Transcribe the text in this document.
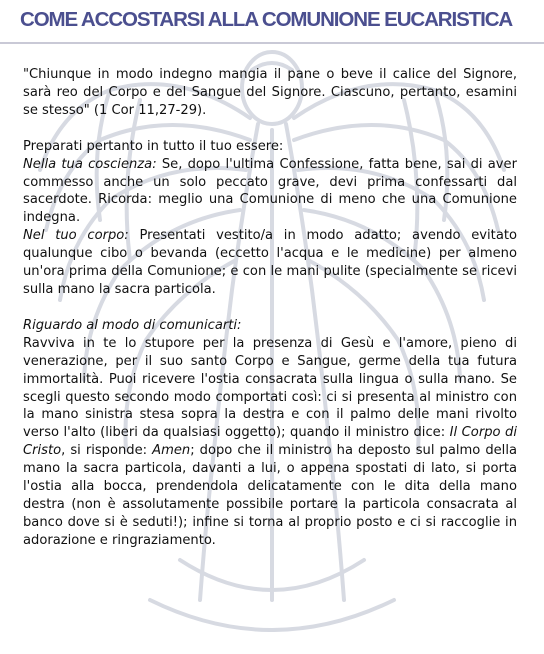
COME ACCOSTARSI ALLA COMUNIONE EUCARISTICA

"Chiunque in modo indegno mangia il pane o beve il calice del Signore, sarà reo del Corpo e del Sangue del Signore. Ciascuno, pertanto, esamini se stesso" (1 Cor 11,27-29).

Preparati pertanto in tutto il tuo essere:

Nella tua coscienza: Se, dopo l'ultima Confessione, fatta bene, sai di aver commesso anche un solo peccato grave, devi prima confessarti dal sacerdote. Ricorda: meglio una Comunione di meno che una Comunione indegna.

Nel tuo corpo: Presentati vestito/a in modo adatto; avendo evitato qualunque cibo o bevanda (eccetto l'acqua e le medicine) per almeno un'ora prima della Comunione; e con le mani pulite (specialmente se ricevi sulla mano la sacra particola.

Riguardo al modo di comunicarti:

Ravviva in te lo stupore per la presenza di Gesù e l'amore, pieno di venerazione, per il suo santo Corpo e Sangue, germe della tua futura immortalità. Puoi ricevere l'ostia consacrata sulla lingua o sulla mano. Se scegli questo secondo modo comportati così: ci si presenta al ministro con la mano sinistra stesa sopra la destra e con il palmo delle mani rivolto verso l'alto (liberi da qualsiasi oggetto); quando il ministro dice: Il Corpo di Cristo, si risponde: Amen; dopo che il ministro ha deposto sul palmo della mano la sacra particola, davanti a lui, o appena spostati di lato, si porta l'ostia alla bocca, prendendola delicatamente con le dita della mano destra (non è assolutamente possibile portare la particola consacrata al banco dove si è seduti!); infine si torna al proprio posto e ci si raccoglie in adorazione e ringraziamento.
